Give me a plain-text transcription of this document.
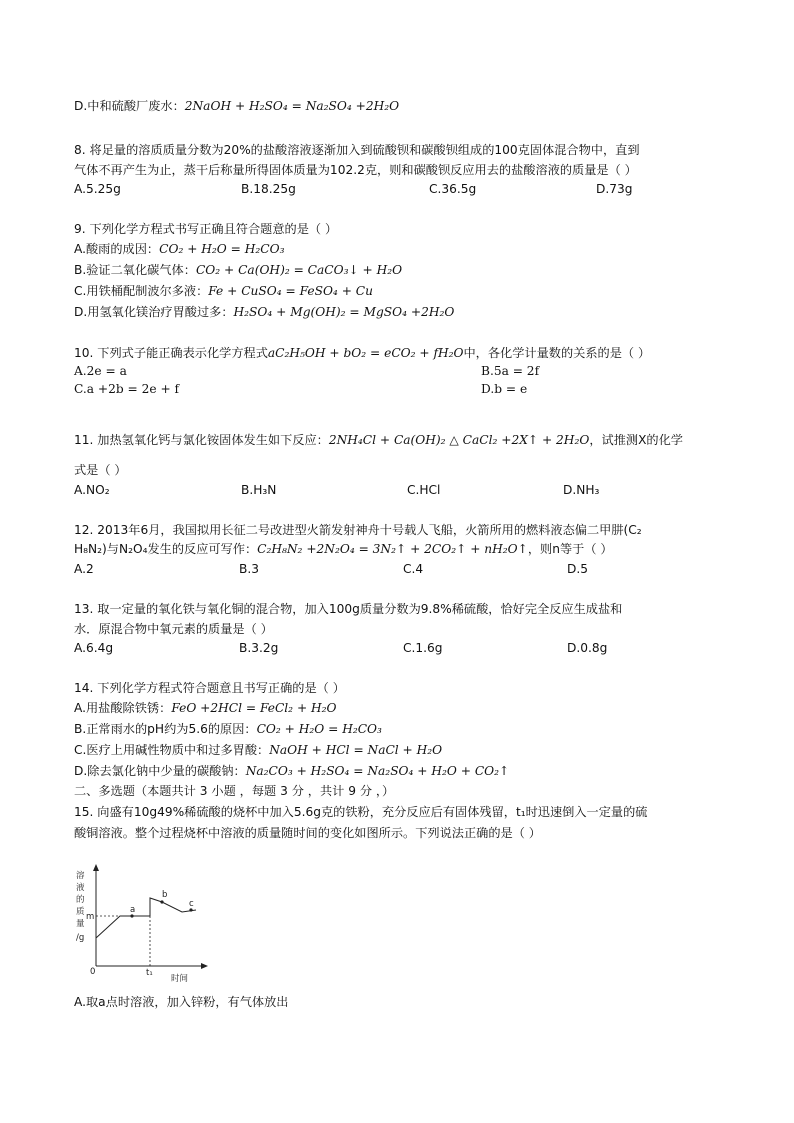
D.中和硫酸厂废水：2NaOH + H₂SO₄ = Na₂SO₄ +2H₂O
8. 将足量的溶质质量分数为20%的盐酸溶液逐渐加入到硫酸钡和碳酸钡组成的100克固体混合物中，直到
气体不再产生为止，蒸干后称量所得固体质量为102.2克，则和碳酸钡反应用去的盐酸溶液的质量是（ ）
A.5.25g	B.18.25g	C.36.5g	D.73g
9. 下列化学方程式书写正确且符合题意的是（ ）
A.酸雨的成因：CO₂ + H₂O = H₂CO₃
B.验证二氧化碳气体：CO₂ + Ca(OH)₂ = CaCO₃↓ + H₂O
C.用铁桶配制波尔多液：Fe + CuSO₄ = FeSO₄ + Cu
D.用氢氧化镁治疗胃酸过多：H₂SO₄ + Mg(OH)₂ = MgSO₄ +2H₂O
10. 下列式子能正确表示化学方程式aC₂H₅OH + bO₂ = eCO₂ + fH₂O中，各化学计量数的关系的是（ ）
A.2e = a	B.5a = 2f
C.a +2b = 2e + f	D.b = e
11. 加热氢氧化钙与氯化铵固体发生如下反应：2NH₄Cl + Ca(OH)₂ △ CaCl₂ +2X↑ + 2H₂O，试推测X的化学
式是（ ）
A.NO₂	B.H₃N	C.HCl	D.NH₃
12. 2013年6月，我国拟用长征二号改进型火箭发射神舟十号载人飞船，火箭所用的燃料液态偏二甲肼(C₂
H₈N₂)与N₂O₄发生的反应可写作：C₂H₈N₂ +2N₂O₄ = 3N₂↑ + 2CO₂↑ + nH₂O↑，则n等于（ ）
A.2	B.3	C.4	D.5
13. 取一定量的氧化铁与氧化铜的混合物，加入100g质量分数为9.8%稀硫酸，恰好完全反应生成盐和
水．原混合物中氧元素的质量是（ ）
A.6.4g	B.3.2g	C.1.6g	D.0.8g
14. 下列化学方程式符合题意且书写正确的是（ ）
A.用盐酸除铁锈：FeO +2HCl = FeCl₂ + H₂O
B.正常雨水的pH约为5.6的原因：CO₂ + H₂O = H₂CO₃
C.医疗上用碱性物质中和过多胃酸：NaOH + HCl = NaCl + H₂O
D.除去氯化钠中少量的碳酸钠：Na₂CO₃ + H₂SO₄ = Na₂SO₄ + H₂O + CO₂↑
二、多选题（本题共计 3 小题 ，每题 3 分 ，共计 9 分 ，）
15. 向盛有10g49%稀硫酸的烧杯中加入5.6g克的铁粉，充分反应后有固体残留，t₁时迅速倒入一定量的硫
酸铜溶液。整个过程烧杯中溶液的质量随时间的变化如图所示。下列说法正确的是（ ）
溶
液
的
质
量
/g
0
m
t₁
时间
a
b
c
A.取a点时溶液，加入锌粉，有气体放出
